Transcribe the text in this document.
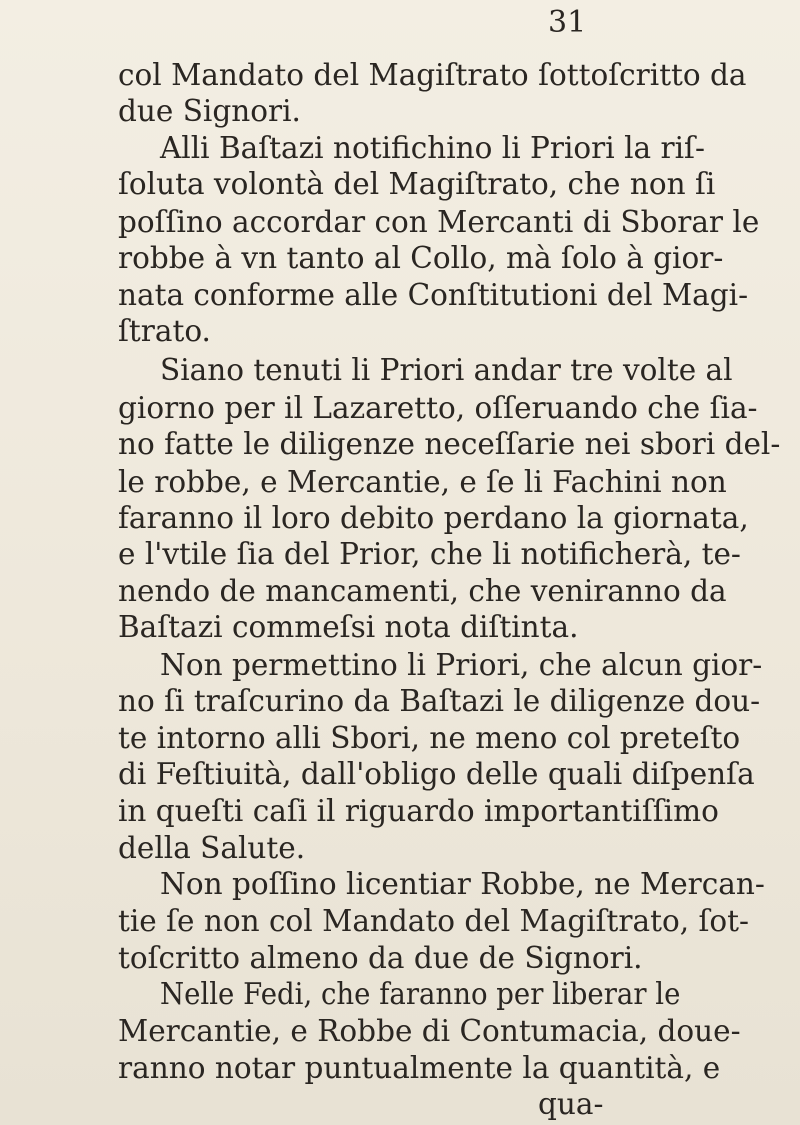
31
col Mandato del Magiſtrato ſottoſcritto da
due Signori.
Alli Baſtazi notifichino li Priori la riſ-
ſoluta volontà del Magiſtrato, che non ſi
poſſino accordar con Mercanti di Sborar le
robbe à vn tanto al Collo, mà ſolo à gior-
nata conforme alle Conſtitutioni del Magi-
ſtrato.
Siano tenuti li Priori andar tre volte al
giorno per il Lazaretto, oſſeruando che ſia-
no fatte le diligenze neceſſarie nei sbori del-
le robbe, e Mercantie, e ſe li Fachini non
faranno il loro debito perdano la giornata,
e l'vtile ſia del Prior, che li notificherà, te-
nendo de mancamenti, che veniranno da
Baſtazi commeſsi nota diſtinta.
Non permettino li Priori, che alcun gior-
no ſi traſcurino da Baſtazi le diligenze dou-
te intorno alli Sbori, ne meno col preteſto
di Feſtiuità, dall'obligo delle quali diſpenſa
in queſti caſi il riguardo importantiſſimo
della Salute.
Non poſſino licentiar Robbe, ne Mercan-
tie ſe non col Mandato del Magiſtrato, ſot-
toſcritto almeno da due de Signori.
Nelle Fedi, che faranno per liberar le
Mercantie, e Robbe di Contumacia, doue-
ranno notar puntualmente la quantità, e
qua-
